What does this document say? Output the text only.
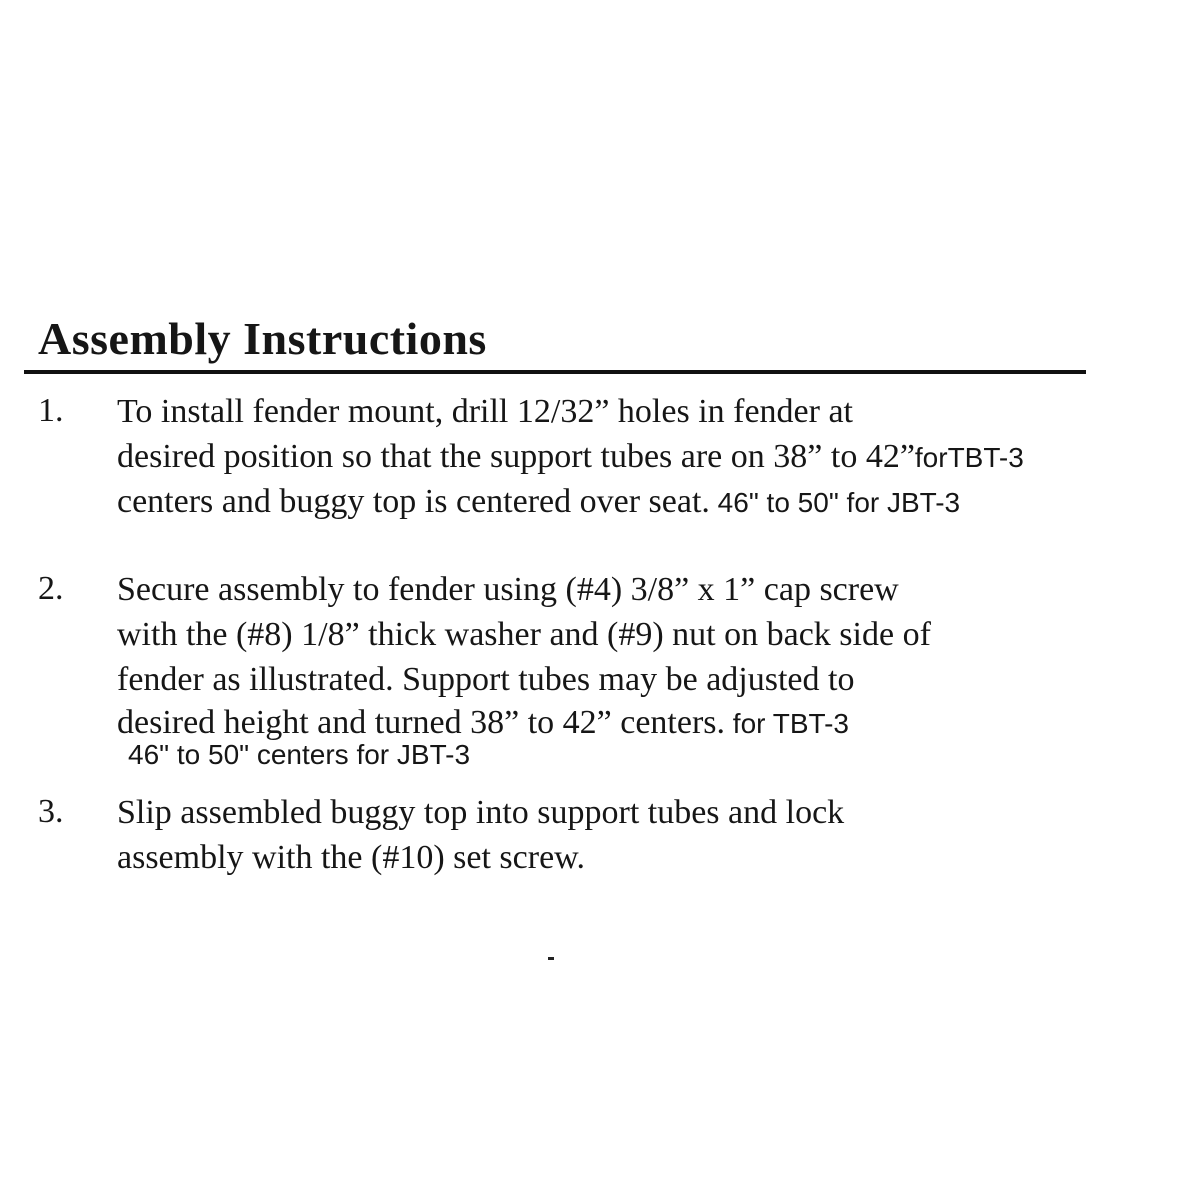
Assembly Instructions
1. To install fender mount, drill 12/32” holes in fender at
desired position so that the support tubes are on 38” to 42”forTBT-3
centers and buggy top is centered over seat. 46" to 50" for JBT-3
2. Secure assembly to fender using (#4) 3/8” x 1” cap screw
with the (#8) 1/8” thick washer and (#9) nut on back side of
fender as illustrated. Support tubes may be adjusted to
desired height and turned 38” to 42” centers. for TBT-3
46" to 50" centers for JBT-3
3. Slip assembled buggy top into support tubes and lock
assembly with the (#10) set screw.
